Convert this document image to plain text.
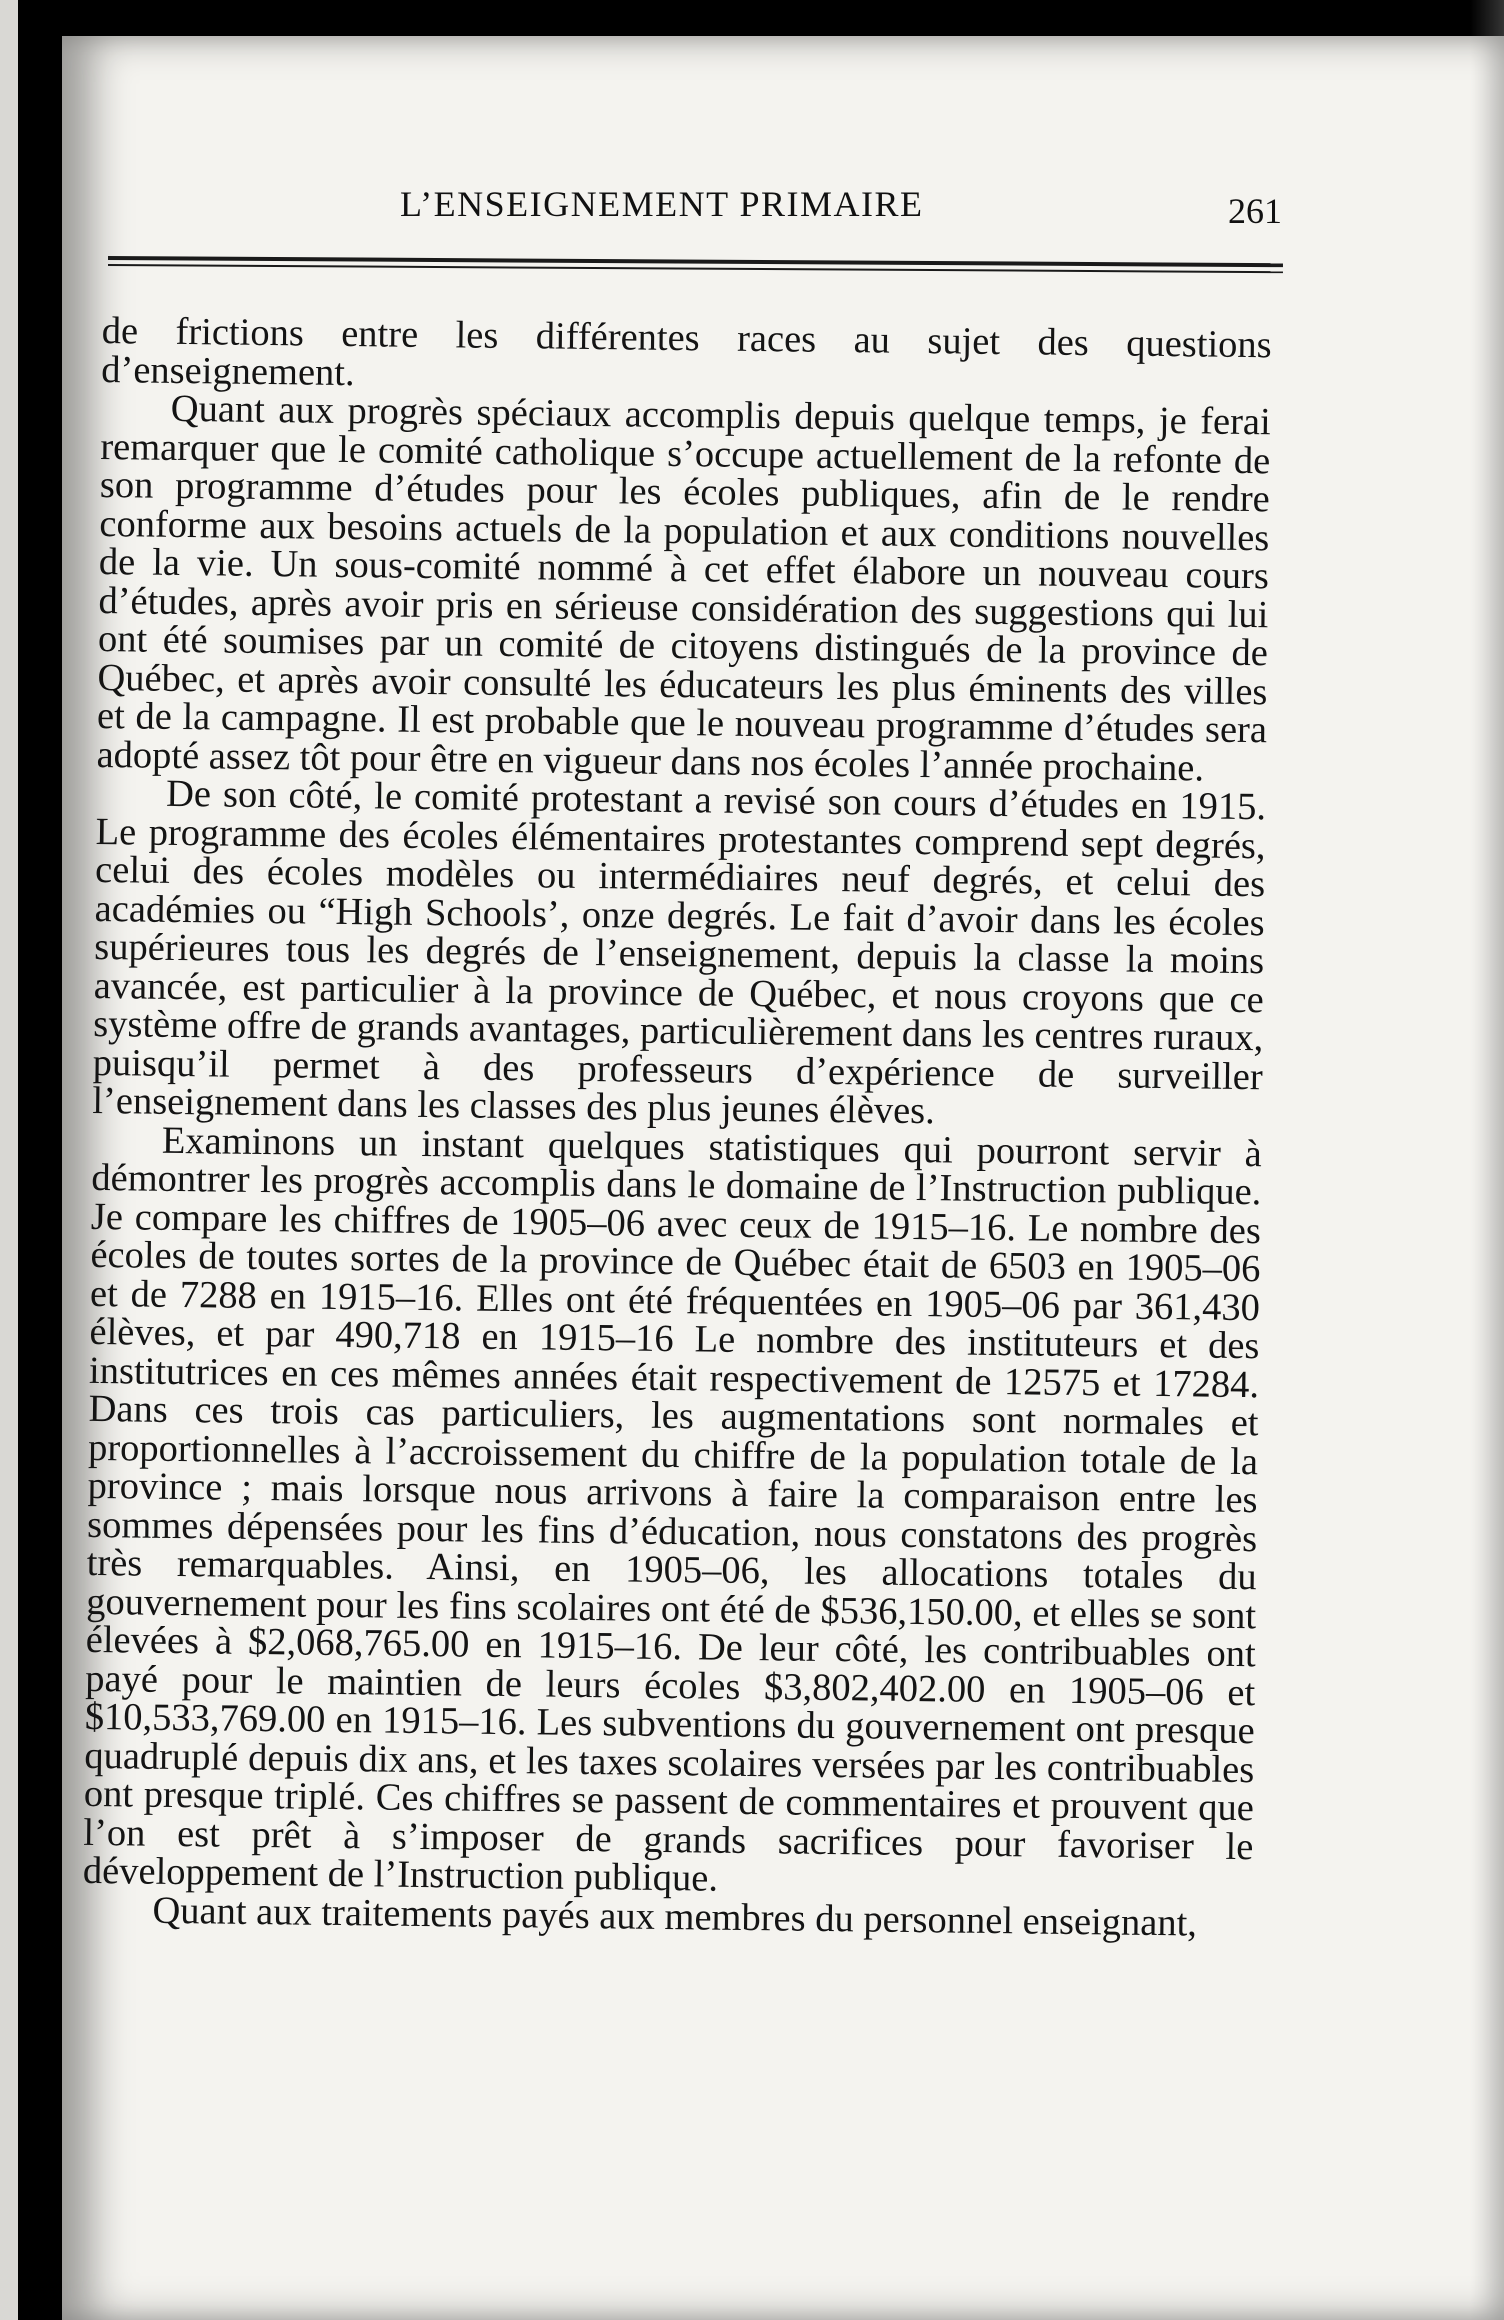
L’ENSEIGNEMENT PRIMAIRE	261

de frictions entre les différentes races au sujet des questions d’enseignement.

Quant aux progrès spéciaux accomplis depuis quelque temps, je ferai remarquer que le comité catholique s’occupe actuellement de la refonte de son programme d’études pour les écoles publiques, afin de le rendre conforme aux besoins actuels de la population et aux conditions nouvelles de la vie. Un sous-comité nommé à cet effet élabore un nouveau cours d’études, après avoir pris en sérieuse considération des suggestions qui lui ont été soumises par un comité de citoyens distingués de la province de Québec, et après avoir consulté les éducateurs les plus éminents des villes et de la campagne. Il est probable que le nouveau programme d’études sera adopté assez tôt pour être en vigueur dans nos écoles l’année prochaine.

De son côté, le comité protestant a revisé son cours d’études en 1915. Le programme des écoles élémentaires protestantes comprend sept degrés, celui des écoles modèles ou intermédiaires neuf degrés, et celui des académies ou “High Schools’, onze degrés. Le fait d’avoir dans les écoles supérieures tous les degrés de l’enseignement, depuis la classe la moins avancée, est particulier à la province de Québec, et nous croyons que ce système offre de grands avantages, particulièrement dans les centres ruraux, puisqu’il permet à des professeurs d’expérience de surveiller l’enseignement dans les classes des plus jeunes élèves.

Examinons un instant quelques statistiques qui pourront servir à démontrer les progrès accomplis dans le domaine de l’Instruction publique. Je compare les chiffres de 1905–06 avec ceux de 1915–16. Le nombre des écoles de toutes sortes de la province de Québec était de 6503 en 1905–06 et de 7288 en 1915–16. Elles ont été fréquentées en 1905–06 par 361,430 élèves, et par 490,718 en 1915–16 Le nombre des instituteurs et des institutrices en ces mêmes années était respectivement de 12575 et 17284. Dans ces trois cas particuliers, les augmentations sont normales et proportionnelles à l’accroissement du chiffre de la population totale de la province ; mais lorsque nous arrivons à faire la comparaison entre les sommes dépensées pour les fins d’éducation, nous constatons des progrès très remarquables. Ainsi, en 1905–06, les allocations totales du gouvernement pour les fins scolaires ont été de $536,150.00, et elles se sont élevées à $2,068,765.00 en 1915–16. De leur côté, les contribuables ont payé pour le maintien de leurs écoles $3,802,402.00 en 1905–06 et $10,533,769.00 en 1915–16. Les subventions du gouvernement ont presque quadruplé depuis dix ans, et les taxes scolaires versées par les contribuables ont presque triplé. Ces chiffres se passent de commentaires et prouvent que l’on est prêt à s’imposer de grands sacrifices pour favoriser le développement de l’Instruction publique.

Quant aux traitements payés aux membres du personnel enseignant,
